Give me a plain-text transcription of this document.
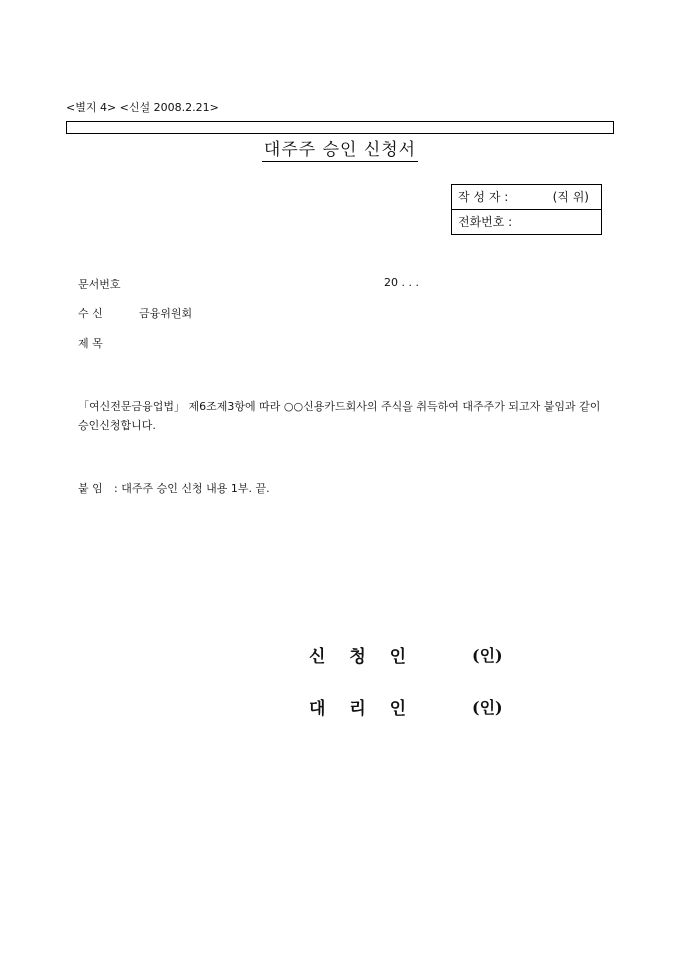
<별지 4> <신설 2008.2.21>
대주주 승인 신청서
작 성 자 :	(직 위)
전화번호 :
문서번호	20 . . .
수 신	금융위원회
제 목
「여신전문금융업법」 제6조제3항에 따라 ○○신용카드회사의 주식을 취득하여 대주주가 되고자 붙임과 같이 승인신청합니다.
붙 임 : 대주주 승인 신청 내용 1부. 끝.
신 청 인	(인)
대 리 인	(인)
